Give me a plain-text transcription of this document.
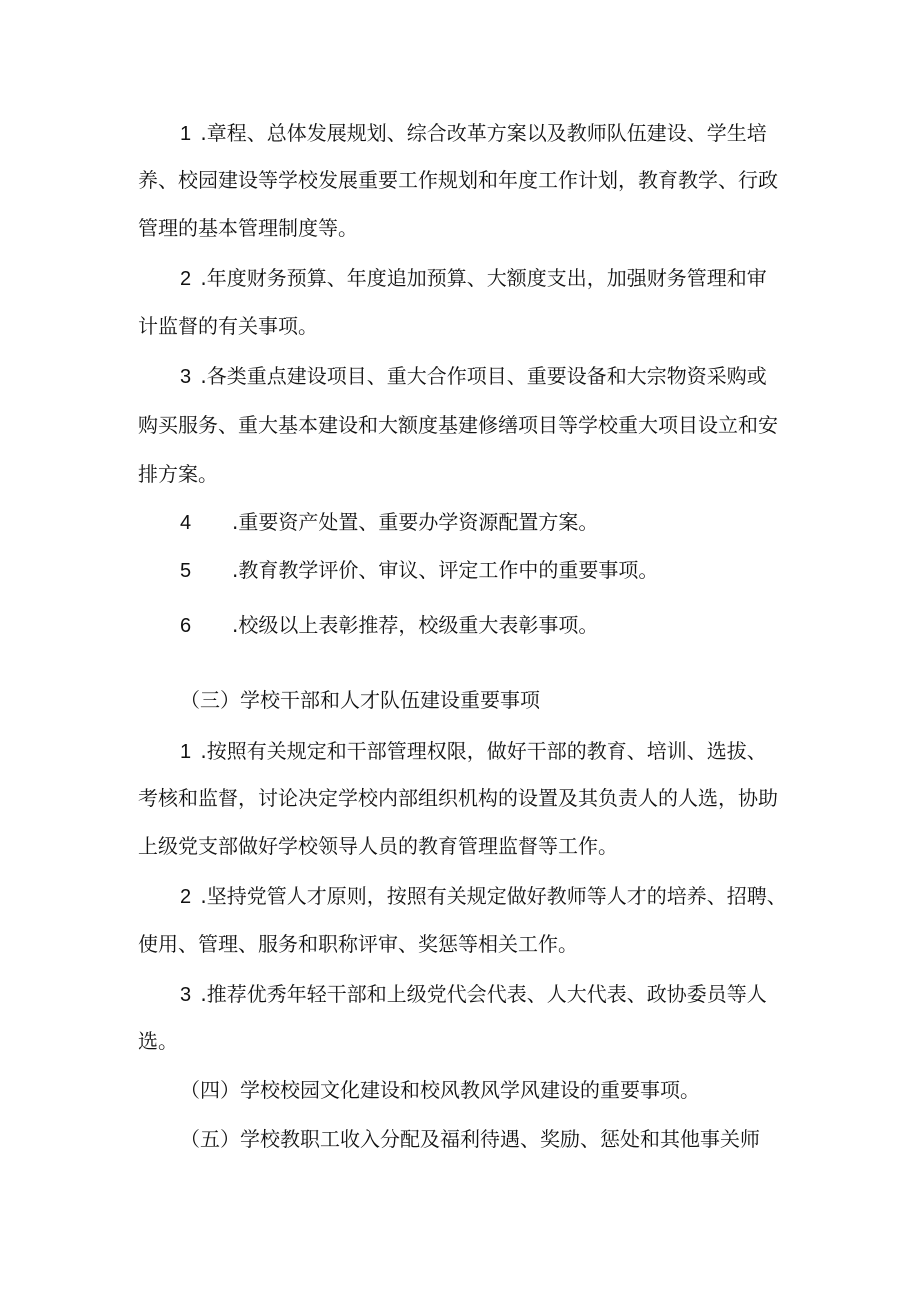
1 .章程、总体发展规划、综合改革方案以及教师队伍建设、学生培
养、校园建设等学校发展重要工作规划和年度工作计划，教育教学、行政
管理的基本管理制度等。
2 .年度财务预算、年度追加预算、大额度支出，加强财务管理和审
计监督的有关事项。
3 .各类重点建设项目、重大合作项目、重要设备和大宗物资采购或
购买服务、重大基本建设和大额度基建修缮项目等学校重大项目设立和安
排方案。
4 .重要资产处置、重要办学资源配置方案。
5 .教育教学评价、审议、评定工作中的重要事项。
6 .校级以上表彰推荐，校级重大表彰事项。
（三）学校干部和人才队伍建设重要事项
1 .按照有关规定和干部管理权限，做好干部的教育、培训、选拔、
考核和监督，讨论决定学校内部组织机构的设置及其负责人的人选，协助
上级党支部做好学校领导人员的教育管理监督等工作。
2 .坚持党管人才原则，按照有关规定做好教师等人才的培养、招聘、
使用、管理、服务和职称评审、奖惩等相关工作。
3 .推荐优秀年轻干部和上级党代会代表、人大代表、政协委员等人
选。
（四）学校校园文化建设和校风教风学风建设的重要事项。
（五）学校教职工收入分配及福利待遇、奖励、惩处和其他事关师
